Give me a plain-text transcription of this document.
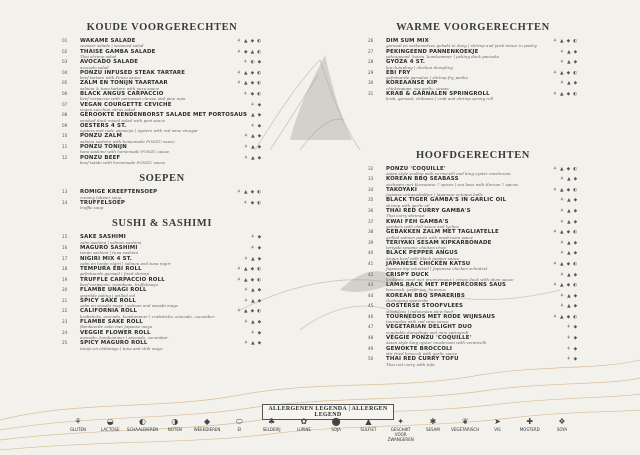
KOUDE VOORGERECHTEN
01	WAKAME SALADE
zeewier salade | seaweed salad
⚘ ▲ ◆ ◐
02	THAISE GAMBA SALADE
Thai shrimp salad
⚘ ◆ ▲ ◐
03	AVOCADO SALADE
avocado salad
⚘ ◐ ◆
04	PONZU INFUSED STEAK TARTARE
beef tartare with Ponzu sauce
⚘ ▲ ◆ ◐
05	ZALM EN TONIJN TAARTAAR
salmon & tuna tartare with yuzu sauce
⚘ ▲ ◆ ◐
06	BLACK ANGUS CARPACCIO
beef carpaccio with parmesan cheese and pine nuts
⚘ ◆ ◐
07	VEGAN COURGETTE CEVICHE
vegan zucchini citrus salad
⚘ ◆
08	GEROOKTE EENDENBORST SALADE MET PORTOSAUS
smoked duck mixed salad with port sauce
⚘ ▲ ◆
09	OESTERS 4 ST.
oysters met rode wijnazijn | oysters with red wine vinegar
⚘ ◆
10	PONZU ZALM
salmon sashimi with homemade PONZU sauce
⚘ ▲ ◆
11	PONZU TONIJN
tuna sashimi with homemade PONZU sauce
⚘ ▲ ◆
12	PONZU BEEF
beef tataki with homemade PONZU sauce
⚘ ▲ ◆
SOEPEN
13	ROMIGE KREEFTENSOEP
creamy lobster soup
⚘ ▲ ◆ ◐
14	TRUFFELSOEP
truffle soup
⚘ ◆ ◐
SUSHI & SASHIMI
15	SAKE SASHIMI
zalm sashimi | salmon sashimi
⚘ ◆
16	MAGURO SASHIMI
tonijn sashimi | tuna sashimi
⚘ ◆
17	NIGIRI MIX 4 ST.
zalm en tonijn nigiri | salmon and tuna nigiri
⚘ ▲ ◆
18	TEMPURA EBI ROLL
gefrituurde garnaal | fried shrimp
⚘ ▲ ◆ ◐
19	TRUFFLE CARPACCIO ROLL
beef carpaccio, roomkaas, truffelmayo
⚘ ▲ ◆ ◐
20	FLAMBE UNAGI ROLL
gegrilde paling | grilled eel
⚘ ▲ ◆
21	SPICY SAKE ROLL
zalm en wasabi mayo | salmon and wasabi mayo
⚘ ▲ ◆
22	CALIFORNIA ROLL
krabsticks, avocado, komkommer | crabsticks, avocado, cucumber
⚘ ▲ ◆ ◐
23	FLAMBE SAKE ROLL
flambeerde zalm met Japanse mayo
⚘ ▲ ◆
24	VEGGIE FLOWER ROLL
avocado, komkommer | avocado, cucumber
⚘ ◆
25	SPICY MAGURO ROLL
tonijn en chilimayo | tuna and chili mayo
⚘ ▲ ◆
WARME VOORGERECHTEN
26	DIM SUM MIX
garnaal en varkensvlees gehakt in deeg | shrimp and pork mince in pastry
⚘ ▲ ◆ ◐
27	PEKINGEEND PANNENKOEKJE
pekingeend, hoisin, komkommer | peking duck pancake
⚘ ▲ ◆
28	GYOZA 4 ST.
kip dumpling | chicken dumpling
⚘ ▲ ◆
29	EBI FRY
gefrituurde garnalen | shrimp fry, panko
⚘ ▲ ◆ ◐
30	KOREAANSE KIP
chickenpops, soy garlic, sesam
⚘ ▲ ◆
31	KRAB & GARNALEN SPRINGROLL
krab, garnaal, chilisaus | crab and shrimp spring roll
⚘ ▲ ◆ ◐
HOOFDGERECHTEN
32	PONZU 'COQUILLE'
Asian style scallop with vermicelli and king oyster mushroom
⚘ ▲ ◆ ◐
33	KOREAN BBQ SEABASS
zeebaars met Koreaanse 7 spices | sea bass with Korean 7 spices
⚘ ▲ ◆
34	TAKOYAKI
Japanse octopusbaltjes | Japanese octopus balls
⚘ ▲ ◆ ◐
35	BLACK TIGER GAMBA'S IN GARLIC OIL
shrimp with garlic oil
⚘ ▲ ◆
36	THAI RED CURRY GAMBA'S
Thai curry shrimps
⚘ ▲ ◆
37	KWAI FEH GAMBA'S
gamba's with chili sauce and lychee
⚘ ▲ ◆
38	GEBAKKEN ZALM MET TAGLIATELLE
grilled salmon pasta with mushroom sauce
⚘ ▲ ◆ ◐
39	TERIYAKI SESAM KIPKARBONADE
teriyaki sesame chicken chop
⚘ ▲ ◆
40	BLACK PEPPER ANGUS
Angus beef with black pepper sauce
⚘ ▲ ◆
41	JAPANESE CHICKEN KATSU
Japanse kip schnitzel | Japanese chicken schnitzel
⚘ ▲ ◆ ◐
42	CRISPY DUCK
krokante eend met pruimensaus | crispy duck with plum sauce
⚘ ▲ ◆
43	LAMS RACK MET PEPPERCORNS SAUS
lamsrack, peper jus, hummus
⚘ ▲ ◆ ◐
44	KOREAN BBQ SPARERIBS
Gochujang spareribs
⚘ ▲ ◆
45	OOSTERSE STOOFVLEES
stoofvlees | indonesian stew beef
⚘ ▲ ◆
46	TOURNEDOS MET RODE WIJNSAUS
tournedos with red wine sauce
⚘ ▲ ◆ ◐
47	VEGETARIAN DELIGHT DUO
vegetable dumplings and mini springroll
⚘ ◆
48	VEGGIE PONZU 'COQUILLE'
Asian style king oyster mushroom with vermicelli
⚘ ◆
49	GEWOKTE BROCCOLI
stir fried broccoli with garlic sauce
⚘ ◆
50	THAI RED CURRY TOFU
Thai red curry with tofu
⚘ ◆
ALLERGENEN LEGENDA | ALLERGEN LEGEND
⚘
GLUTEN
◒
LACTOSE
◐
SCHAALDIEREN
◑
NOTEN
◆
WEEKDIEREN
⬭
EI
♣
SELDERIJ
✿
LUPINE
⬤
SOJA
▲
SULFIET
✦
GESCHIKT
VOOR ZWANGEREN
✱
SESAM
❦
VEGETARISCH
➤
VIS
✚
MOSTERD
❖
SOYA
